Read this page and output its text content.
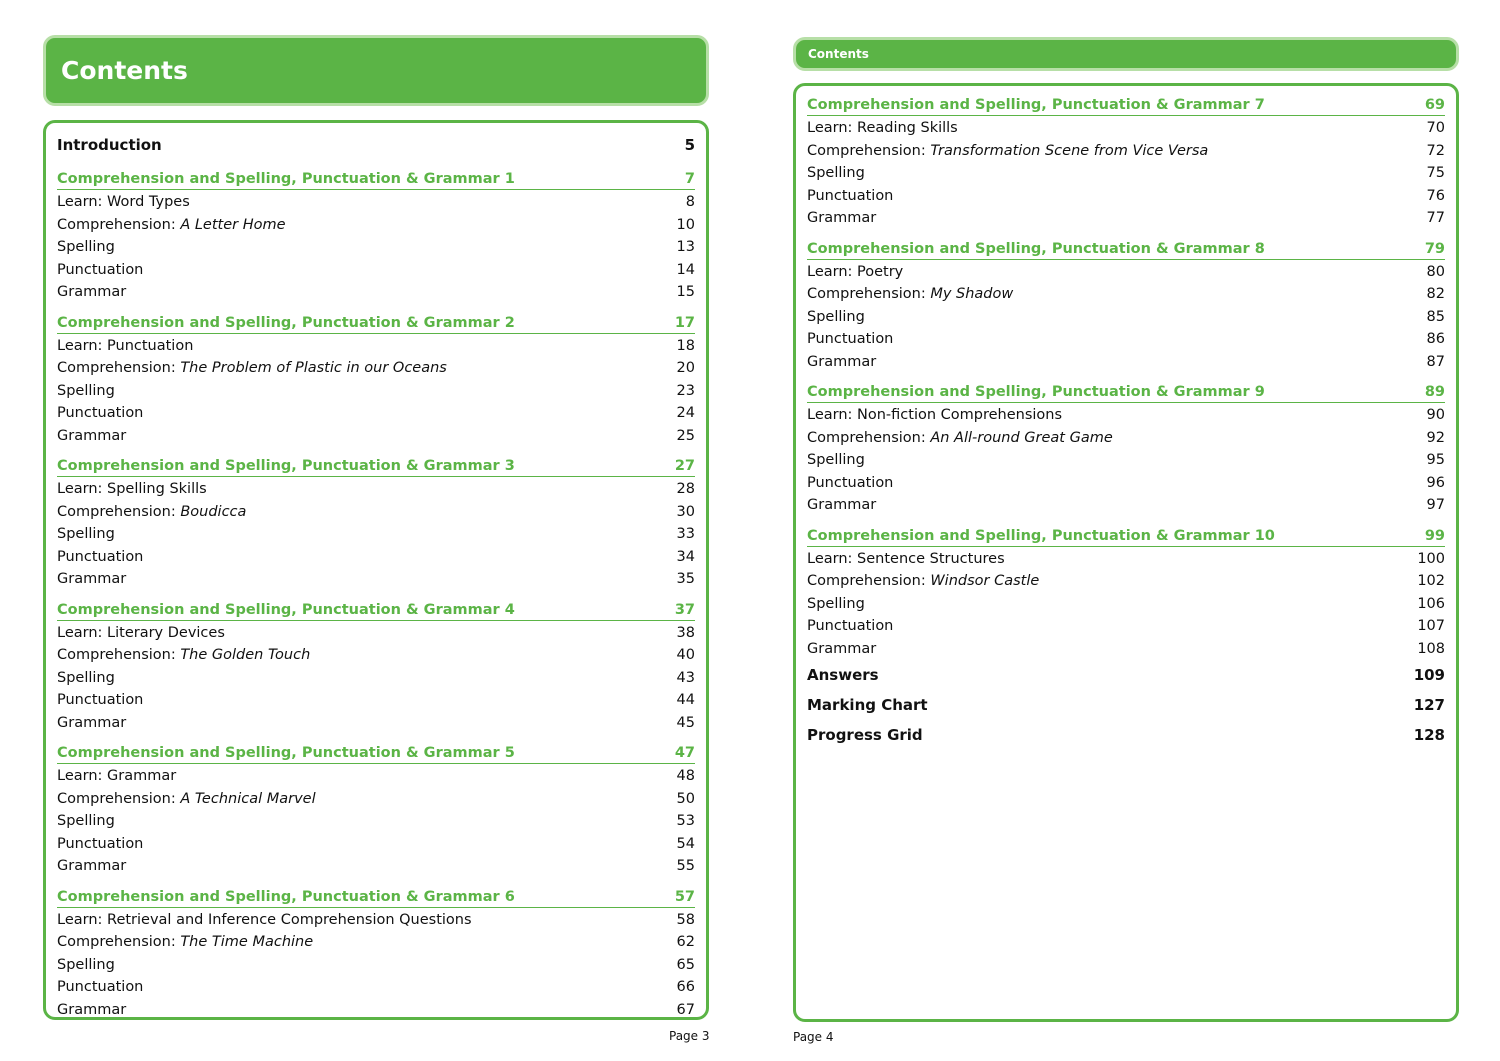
Contents
Introduction	5
Comprehension and Spelling, Punctuation & Grammar 1	7
Learn: Word Types	8
Comprehension: A Letter Home	10
Spelling	13
Punctuation	14
Grammar	15
Comprehension and Spelling, Punctuation & Grammar 2	17
Learn: Punctuation	18
Comprehension: The Problem of Plastic in our Oceans	20
Spelling	23
Punctuation	24
Grammar	25
Comprehension and Spelling, Punctuation & Grammar 3	27
Learn: Spelling Skills	28
Comprehension: Boudicca	30
Spelling	33
Punctuation	34
Grammar	35
Comprehension and Spelling, Punctuation & Grammar 4	37
Learn: Literary Devices	38
Comprehension: The Golden Touch	40
Spelling	43
Punctuation	44
Grammar	45
Comprehension and Spelling, Punctuation & Grammar 5	47
Learn: Grammar	48
Comprehension: A Technical Marvel	50
Spelling	53
Punctuation	54
Grammar	55
Comprehension and Spelling, Punctuation & Grammar 6	57
Learn: Retrieval and Inference Comprehension Questions	58
Comprehension: The Time Machine	62
Spelling	65
Punctuation	66
Grammar	67
Page 3
Contents
Comprehension and Spelling, Punctuation & Grammar 7	69
Learn: Reading Skills	70
Comprehension: Transformation Scene from Vice Versa	72
Spelling	75
Punctuation	76
Grammar	77
Comprehension and Spelling, Punctuation & Grammar 8	79
Learn: Poetry	80
Comprehension: My Shadow	82
Spelling	85
Punctuation	86
Grammar	87
Comprehension and Spelling, Punctuation & Grammar 9	89
Learn: Non-fiction Comprehensions	90
Comprehension: An All-round Great Game	92
Spelling	95
Punctuation	96
Grammar	97
Comprehension and Spelling, Punctuation & Grammar 10	99
Learn: Sentence Structures	100
Comprehension: Windsor Castle	102
Spelling	106
Punctuation	107
Grammar	108
Answers	109
Marking Chart	127
Progress Grid	128
Page 4
